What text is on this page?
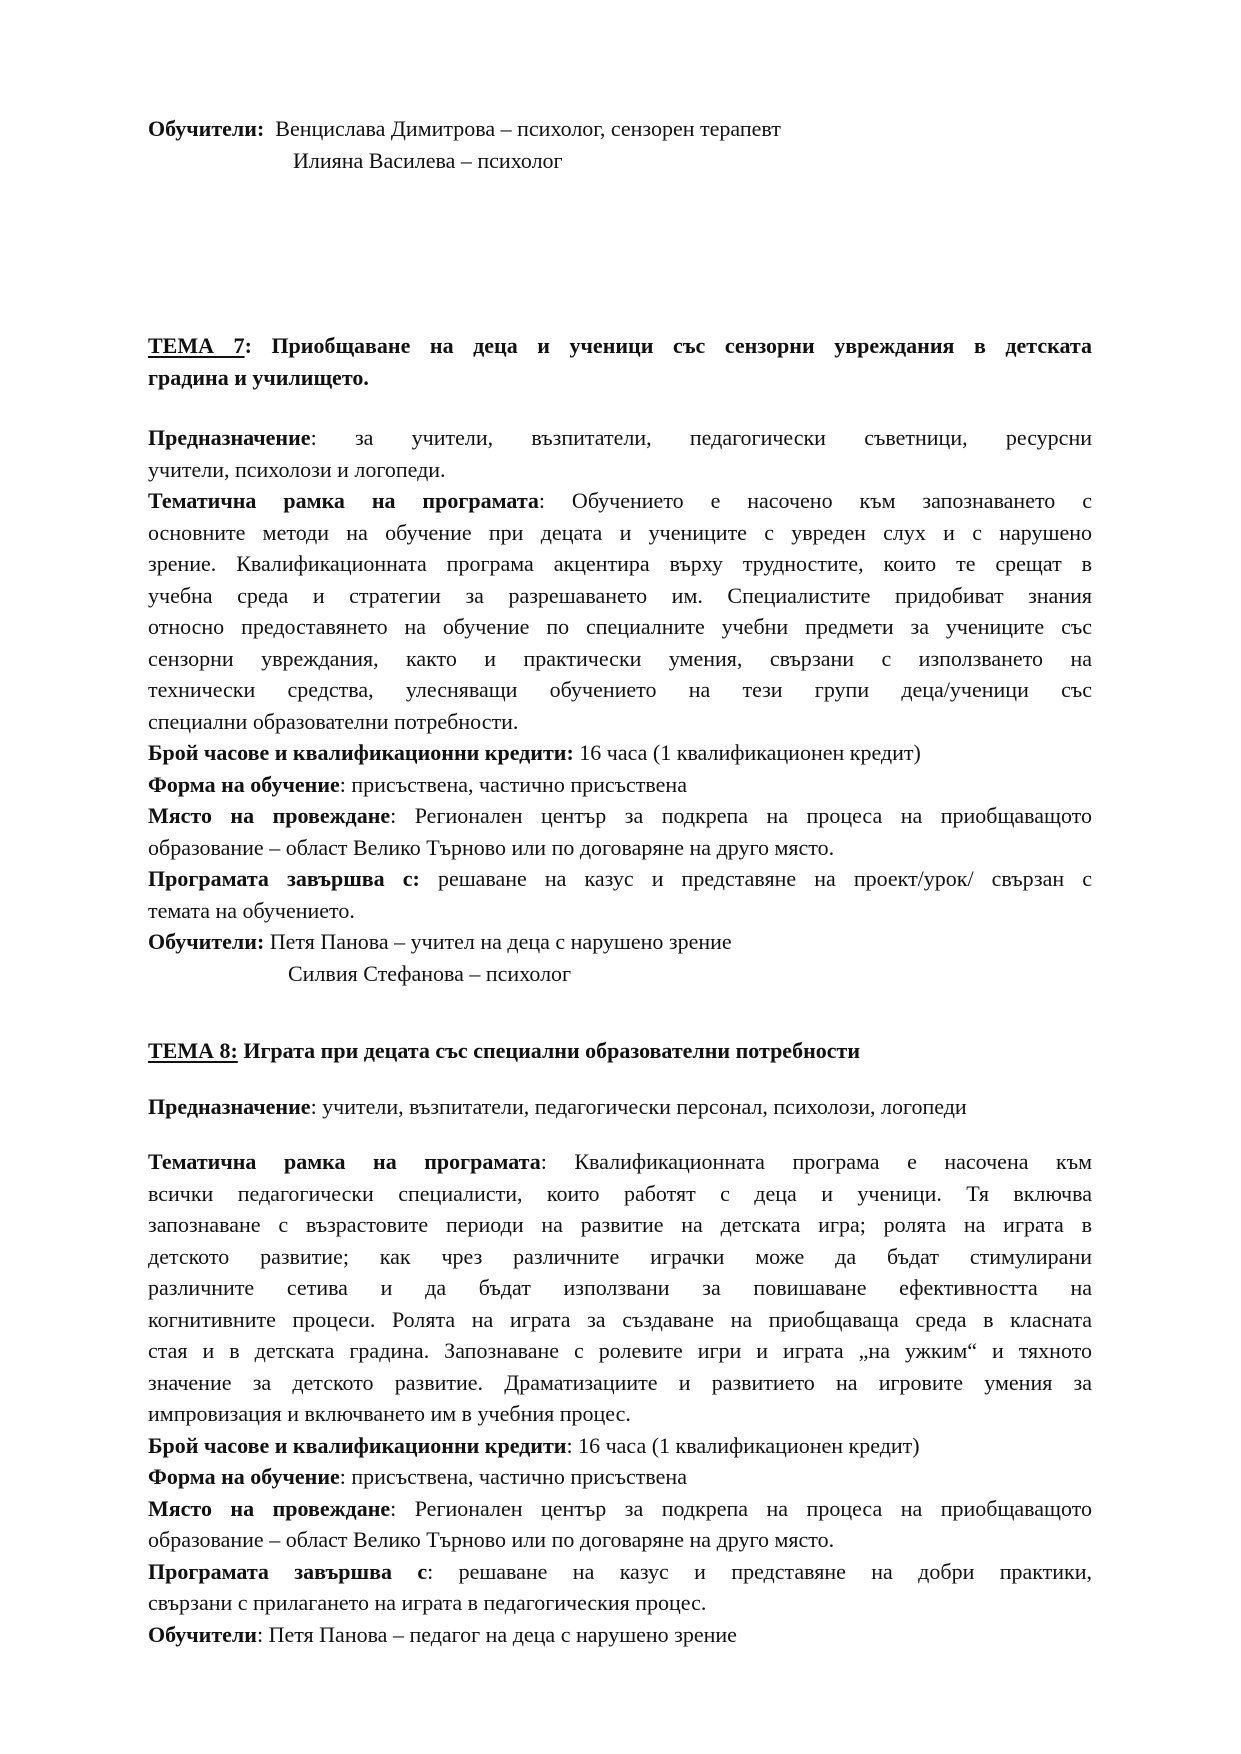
Обучители: Венцислава Димитрова – психолог, сензорен терапевт
Илияна Василева – психолог
ТЕМА 7: Приобщаване на деца и ученици със сензорни увреждания в детската
градина и училището.
Предназначение: за учители, възпитатели, педагогически съветници, ресурсни
учители, психолози и логопеди.
Тематична рамка на програмата: Обучението е насочено към запознаването с
основните методи на обучение при децата и учениците с увреден слух и с нарушено
зрение. Квалификационната програма акцентира върху трудностите, които те срещат в
учебна среда и стратегии за разрешаването им. Специалистите придобиват знания
относно предоставянето на обучение по специалните учебни предмети за учениците със
сензорни увреждания, както и практически умения, свързани с използването на
технически средства, улесняващи обучението на тези групи деца/ученици със
специални образователни потребности.
Брой часове и квалификационни кредити: 16 часа (1 квалификационен кредит)
Форма на обучение: присъствена, частично присъствена
Място на провеждане: Регионален център за подкрепа на процеса на приобщаващото
образование – област Велико Търново или по договаряне на друго място.
Програмата завършва с: решаване на казус и представяне на проект/урок/ свързан с
темата на обучението.
Обучители: Петя Панова – учител на деца с нарушено зрение
Силвия Стефанова – психолог
ТЕМА 8: Играта при децата със специални образователни потребности
Предназначение: учители, възпитатели, педагогически персонал, психолози, логопеди
Тематична рамка на програмата: Квалификационната програма е насочена към
всички педагогически специалисти, които работят с деца и ученици. Тя включва
запознаване с възрастовите периоди на развитие на детската игра; ролята на играта в
детското развитие; как чрез различните играчки може да бъдат стимулирани
различните сетива и да бъдат използвани за повишаване ефективността на
когнитивните процеси. Ролята на играта за създаване на приобщаваща среда в класната
стая и в детската градина. Запознаване с ролевите игри и играта „на ужким“ и тяхното
значение за детското развитие. Драматизациите и развитието на игровите умения за
импровизация и включването им в учебния процес.
Брой часове и квалификационни кредити: 16 часа (1 квалификационен кредит)
Форма на обучение: присъствена, частично присъствена
Място на провеждане: Регионален център за подкрепа на процеса на приобщаващото
образование – област Велико Търново или по договаряне на друго място.
Програмата завършва с: решаване на казус и представяне на добри практики,
свързани с прилагането на играта в педагогическия процес.
Обучители: Петя Панова – педагог на деца с нарушено зрение
